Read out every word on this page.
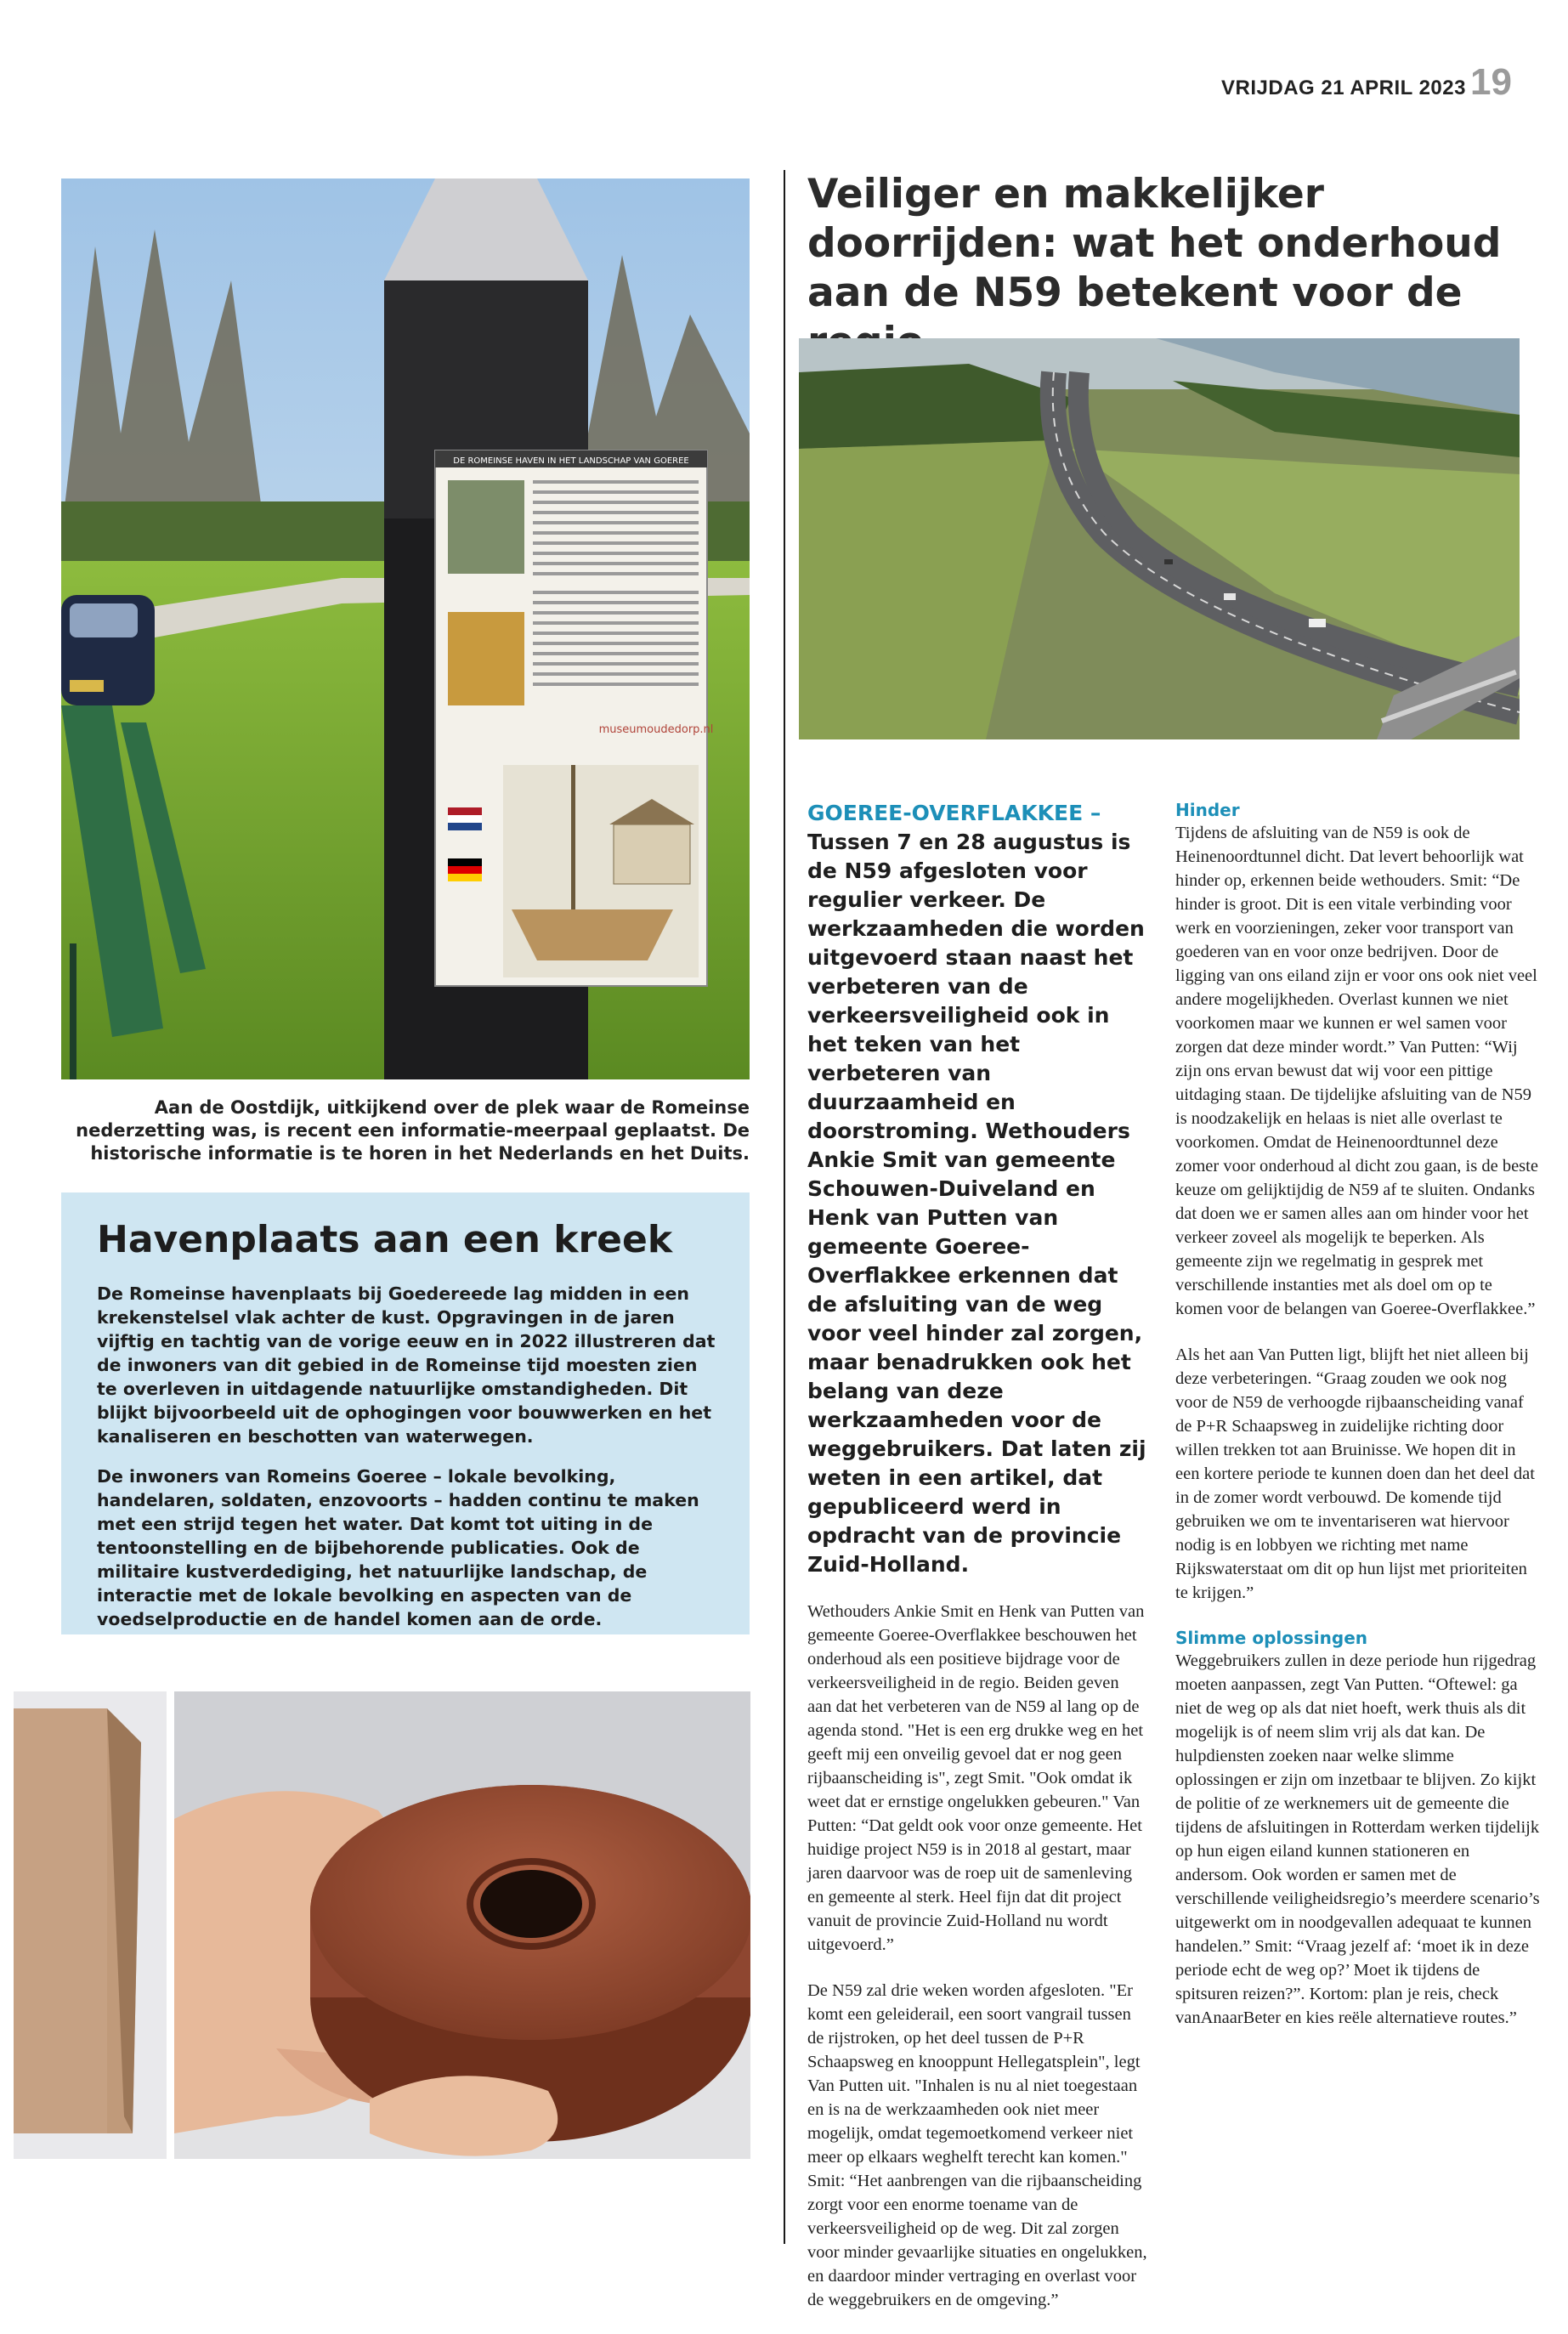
VRIJDAG 21 APRIL 2023 19
Veiliger en makkelijker doorrijden: wat het onderhoud aan de N59 betekent voor de
DE ROMEINSE HAVEN IN HET LANDSCHAP VAN GOEREE
museumoudedorp.nl
Aan de Oostdijk, uitkijkend over de plek waar de Romeinse nederzetting was, is recent een informatie-meerpaal geplaatst. De historische informatie is te horen in het Nederlands en het Duits.
Havenplaats aan een kreek

De Romeinse havenplaats bij Goedereede lag midden in een krekenstelsel vlak achter de kust. Opgravingen in de jaren vijftig en tachtig van de vorige eeuw en in 2022 illustreren dat de inwoners van dit gebied in de Romeinse tijd moesten zien te overleven in uitdagende natuurlijke omstandigheden. Dit blijkt bijvoorbeeld uit de ophogingen voor bouwwerken en het kanaliseren en beschotten van waterwegen.

De inwoners van Romeins Goeree – lokale bevolking, handelaren, soldaten, enzovoorts – hadden continu te maken met een strijd tegen het water. Dat komt tot uiting in de tentoonstelling en de bijbehorende publicaties. Ook de militaire kustverdediging, het natuurlijke landschap, de interactie met de lokale bevolking en aspecten van de voedselproductie en de handel komen aan de orde.

GOEREE-OVERFLAKKEE – Tussen 7 en 28 augustus is de N59 afgesloten voor regulier verkeer. De werkzaamheden die worden uitgevoerd staan naast het verbeteren van de verkeersveiligheid ook in het teken van het verbeteren van duurzaamheid en doorstroming. Wethouders Ankie Smit van gemeente Schouwen-Duiveland en Henk van Putten van gemeente Goeree-Overflakkee erkennen dat de afsluiting van de weg voor veel hinder zal zorgen, maar benadrukken ook het belang van deze werkzaamheden voor de weggebruikers. Dat laten zij weten in een artikel, dat gepubliceerd werd in opdracht van de provincie Zuid-Holland.

Wethouders Ankie Smit en Henk van Putten van gemeente Goeree-Overflakkee beschouwen het onderhoud als een positieve bijdrage voor de verkeersveiligheid in de regio. Beiden geven aan dat het verbeteren van de N59 al lang op de agenda stond. "Het is een erg drukke weg en het geeft mij een onveilig gevoel dat er nog geen rijbaanscheiding is", zegt Smit. "Ook omdat ik weet dat er ernstige ongelukken gebeuren." Van Putten: “Dat geldt ook voor onze gemeente. Het huidige project N59 is in 2018 al gestart, maar jaren daarvoor was de roep uit de samenleving en gemeente al sterk. Heel fijn dat dit project vanuit de provincie Zuid-Holland nu wordt uitgevoerd.”

De N59 zal drie weken worden afgesloten. "Er komt een geleiderail, een soort vangrail tussen de rijstroken, op het deel tussen de P+R Schaapsweg en knooppunt Hellegatsplein", legt Van Putten uit. "Inhalen is nu al niet toegestaan en is na de werkzaamheden ook niet meer mogelijk, omdat tegemoetkomend verkeer niet meer op elkaars weghelft terecht kan komen." Smit: “Het aanbrengen van die rijbaanscheiding zorgt voor een enorme toename van de verkeersveiligheid op de weg. Dit zal zorgen voor minder gevaarlijke situaties en ongelukken, en daardoor minder vertraging en overlast voor de weggebruikers en de omgeving.”

Hinder

Tijdens de afsluiting van de N59 is ook de Heinenoordtunnel dicht. Dat levert behoorlijk wat hinder op, erkennen beide wethouders. Smit: “De hinder is groot. Dit is een vitale verbinding voor werk en voorzieningen, zeker voor transport van goederen van en voor onze bedrijven. Door de ligging van ons eiland zijn er voor ons ook niet veel andere mogelijkheden. Overlast kunnen we niet voorkomen maar we kunnen er wel samen voor zorgen dat deze minder wordt.” Van Putten: “Wij zijn ons ervan bewust dat wij voor een pittige uitdaging staan. De tijdelijke afsluiting van de N59 is noodzakelijk en helaas is niet alle overlast te voorkomen. Omdat de Heinenoordtunnel deze zomer voor onderhoud al dicht zou gaan, is de beste keuze om gelijktijdig de N59 af te sluiten. Ondanks dat doen we er samen alles aan om hinder voor het verkeer zoveel als mogelijk te beperken. Als gemeente zijn we regelmatig in gesprek met verschillende instanties met als doel om op te komen voor de belangen van Goeree-Overflakkee.”

Als het aan Van Putten ligt, blijft het niet alleen bij deze verbeteringen. “Graag zouden we ook nog voor de N59 de verhoogde rijbaanscheiding vanaf de P+R Schaapsweg in zuidelijke richting door willen trekken tot aan Bruinisse. We hopen dit in een kortere periode te kunnen doen dan het deel dat in de zomer wordt verbouwd. De komende tijd gebruiken we om te inventariseren wat hiervoor nodig is en lobbyen we richting met name Rijkswaterstaat om dit op hun lijst met prioriteiten te krijgen.”

Slimme oplossingen

Weggebruikers zullen in deze periode hun rijgedrag moeten aanpassen, zegt Van Putten. “Oftewel: ga niet de weg op als dat niet hoeft, werk thuis als dit mogelijk is of neem slim vrij als dat kan. De hulpdiensten zoeken naar welke slimme oplossingen er zijn om inzetbaar te blijven. Zo kijkt de politie of ze werknemers uit de gemeente die tijdens de afsluitingen in Rotterdam werken tijdelijk op hun eigen eiland kunnen stationeren en andersom. Ook worden er samen met de verschillende veiligheidsregio’s meerdere scenario’s uitgewerkt om in noodgevallen adequaat te kunnen handelen.” Smit: “Vraag jezelf af: ‘moet ik in deze periode echt de weg op?’ Moet ik tijdens de spitsuren reizen?”. Kortom: plan je reis, check vanAnaarBeter en kies reële alternatieve routes.”
